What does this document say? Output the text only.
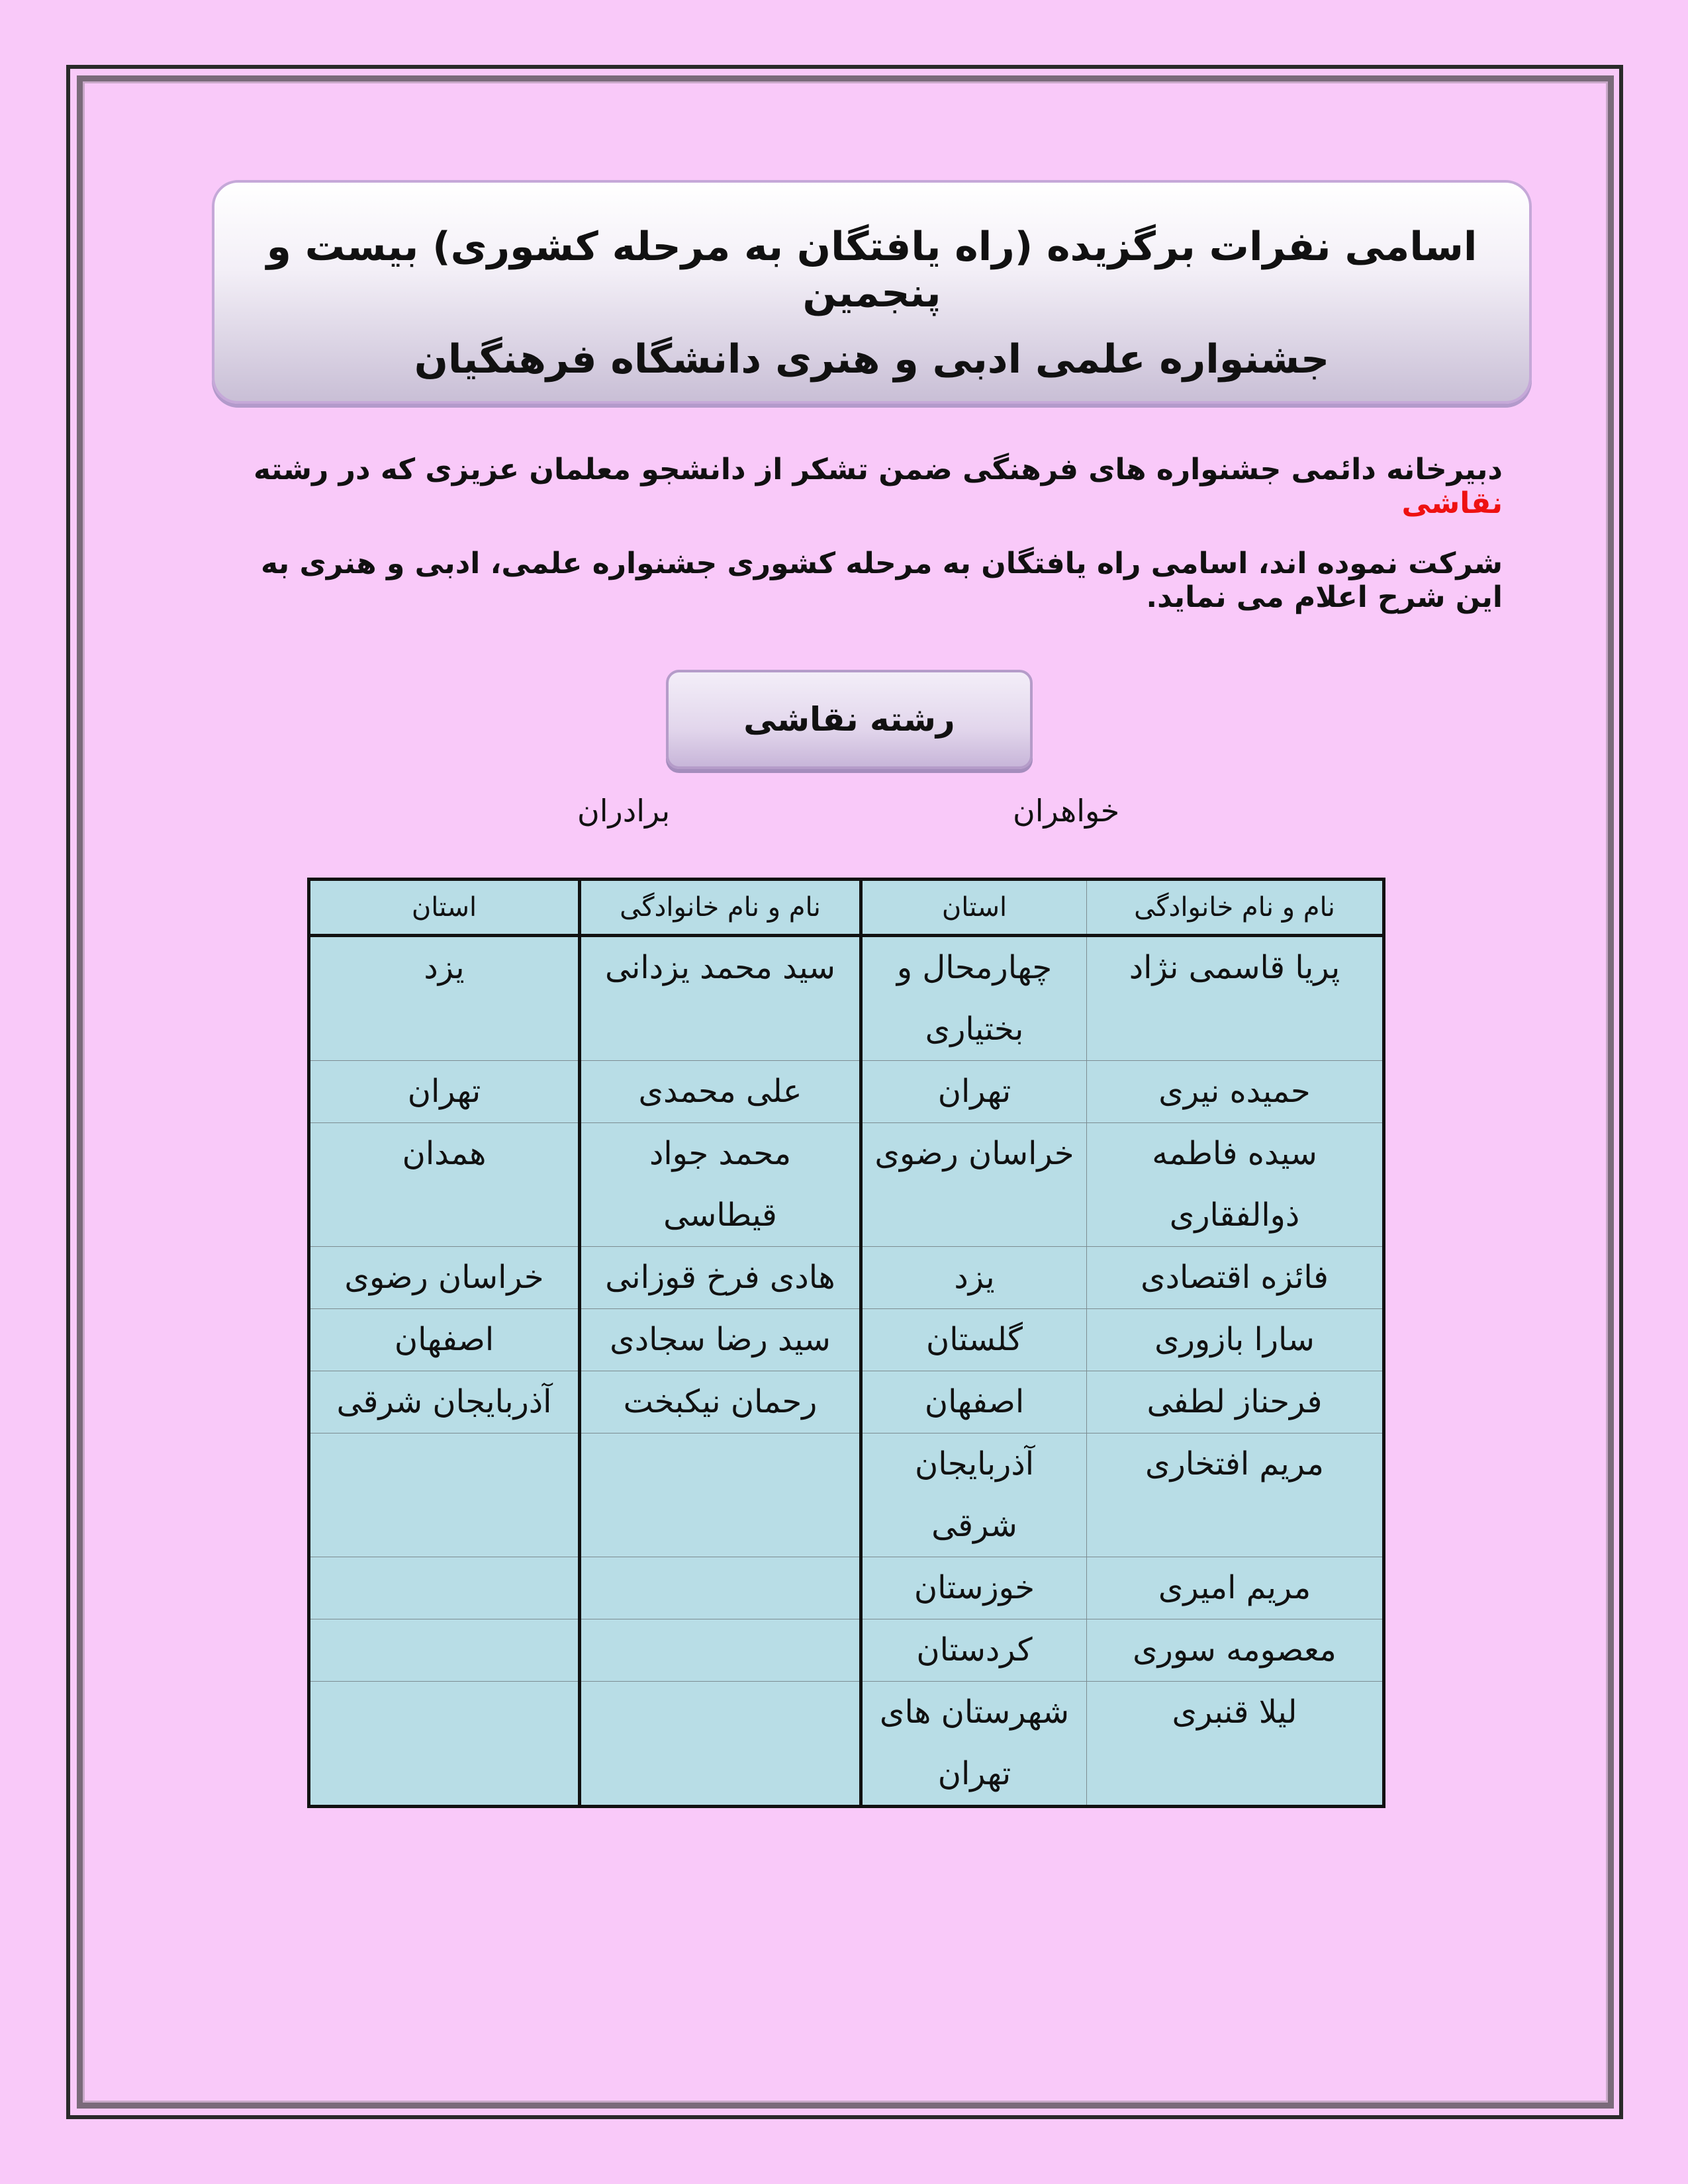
اسامی نفرات برگزیده (راه یافتگان به مرحله کشوری) بیست و پنجمین
جشنواره علمی ادبی و هنری دانشگاه فرهنگیان
دبیرخانه دائمی جشنواره های فرهنگی ضمن تشکر از دانشجو معلمان عزیزی که در رشته نقاشی
شرکت نموده اند، اسامی راه یافتگان به مرحله کشوری جشنواره علمی، ادبی و هنری به این شرح اعلام می نماید.
رشته نقاشی
خواهران
برادران
نام و نام خانوادگی	استان	نام و نام خانوادگی	استان
پریا قاسمی نژاد	چهارمحال و بختیاری	سید محمد یزدانی	یزد
حمیده نیری	تهران	علی محمدی	تهران
سیده فاطمه ذوالفقاری	خراسان رضوی	محمد جواد قیطاسی	همدان
فائزه اقتصادی	یزد	هادی فرخ قوزانی	خراسان رضوی
سارا بازوری	گلستان	سید رضا سجادی	اصفهان
فرحناز لطفی	اصفهان	رحمان نیکبخت	آذربایجان شرقی
مریم افتخاری	آذربایجان شرقی		
مریم امیری	خوزستان		
معصومه سوری	کردستان		
لیلا قنبری	شهرستان های تهران		
